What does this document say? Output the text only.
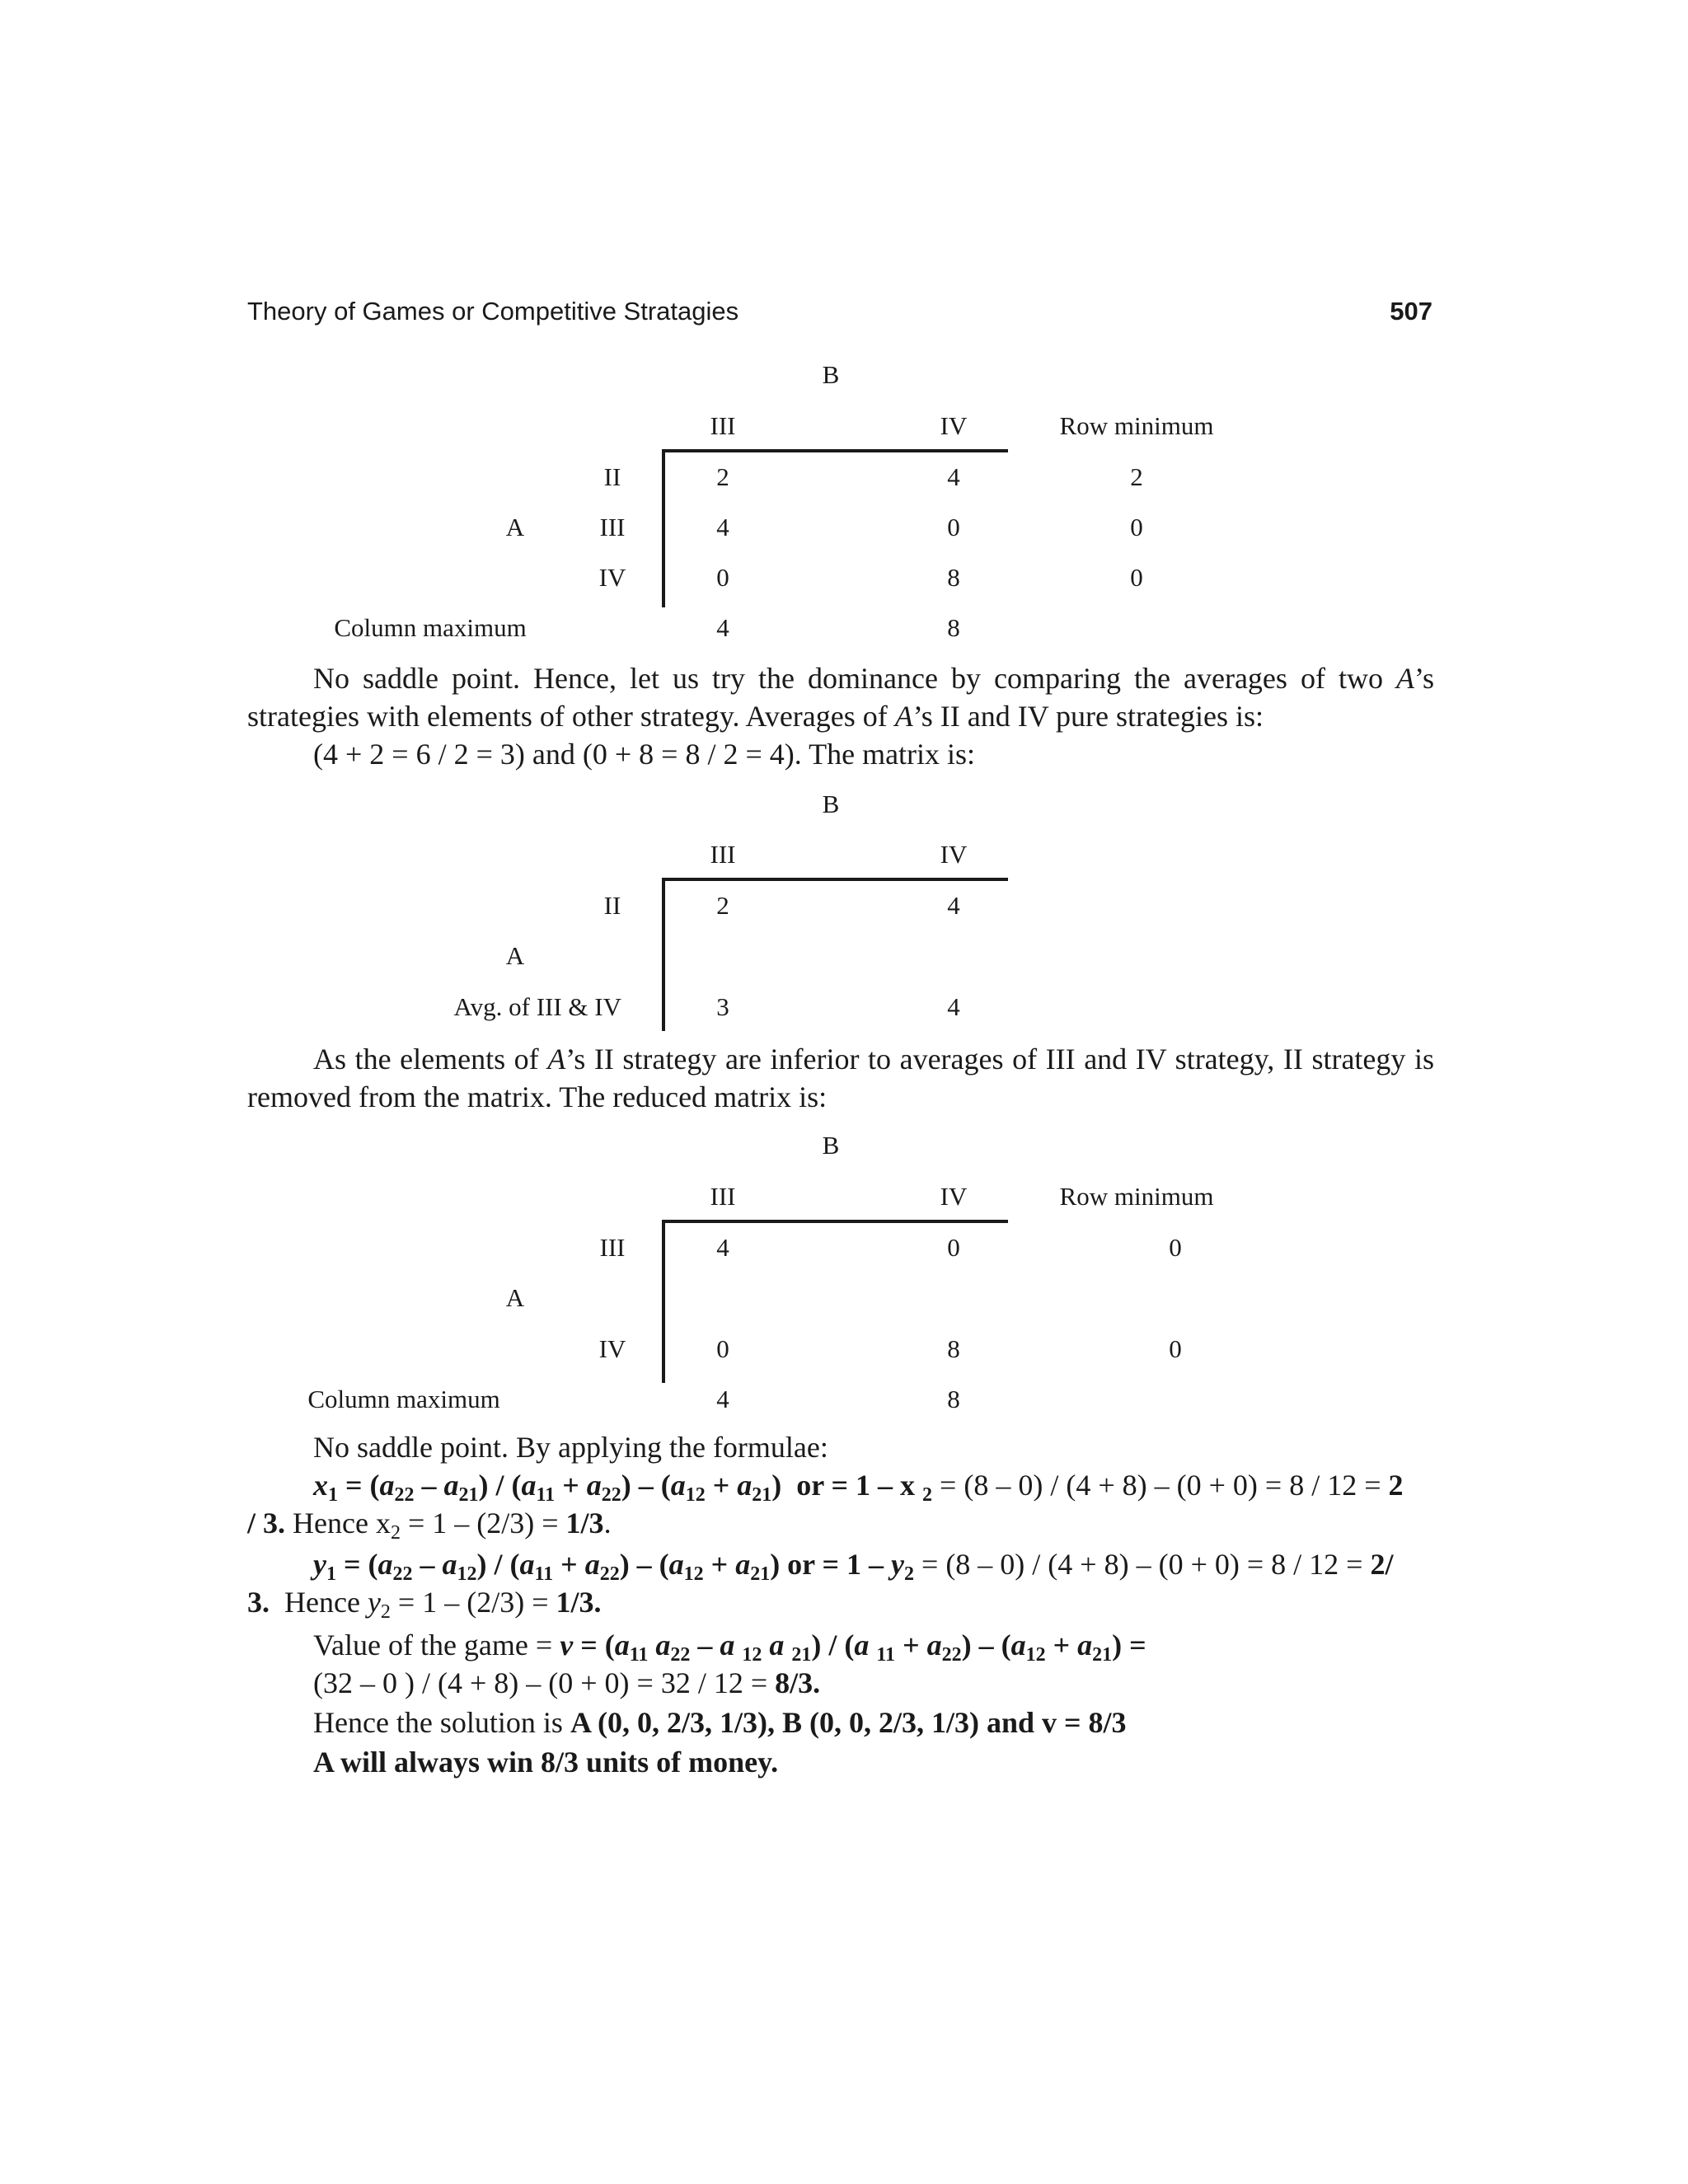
Theory of Games or Competitive Stratagies	507
B
III	IV	Row minimum
II	2	4	2
A	III	4	0	0
IV	0	8	0
Column maximum	4	8

No saddle point. Hence, let us try the dominance by comparing the averages of two A’s strategies with elements of other strategy. Averages of A’s II and IV pure strategies is:

(4 + 2 = 6 / 2 = 3) and (0 + 8 = 8 / 2 = 4). The matrix is:

B
III	IV
II	2	4
A
Avg. of III & IV	3	4

As the elements of A’s II strategy are inferior to averages of III and IV strategy, II strategy is removed from the matrix. The reduced matrix is:

B
III	IV	Row minimum
III	4	0	0
A
IV	0	8	0
Column maximum	4	8
No saddle point. By applying the formulae:
$x_1 = (a_{22} - a_{21}) / (a_{11} + a_{22}) - (a_{12} + a_{21})$  or = 1 – x $_2$ = (8 – 0) / (4 + 8) – (0 + 0) = 8 / 12 = 2
/ 3. Hence $x_2 = 1 - (2/3) = 1/3$.
$y_1 = (a_{22} - a_{12}) / (a_{11} + a_{22}) - (a_{12} + a_{21})$ or = $1 - y_2 = (8 - 0) / (4 + 8) - (0 + 0) = 8 / 12 = 2/$
3. Hence $y_2 = 1 - (2/3) = 1/3$.
Value of the game = $v = (a_{11}$ $a_{22}$ – a $_{12}$ a $_{21}$) / (a $_{11} + a_{22}) - (a_{12} + a_{21})$ =
(32 – 0 ) / (4 + 8) – (0 + 0) = 32 / 12 = 8/3.
Hence the solution is A (0, 0, 2/3, 1/3), B (0, 0, 2/3, 1/3) and v = 8/3
A will always win 8/3 units of money.
